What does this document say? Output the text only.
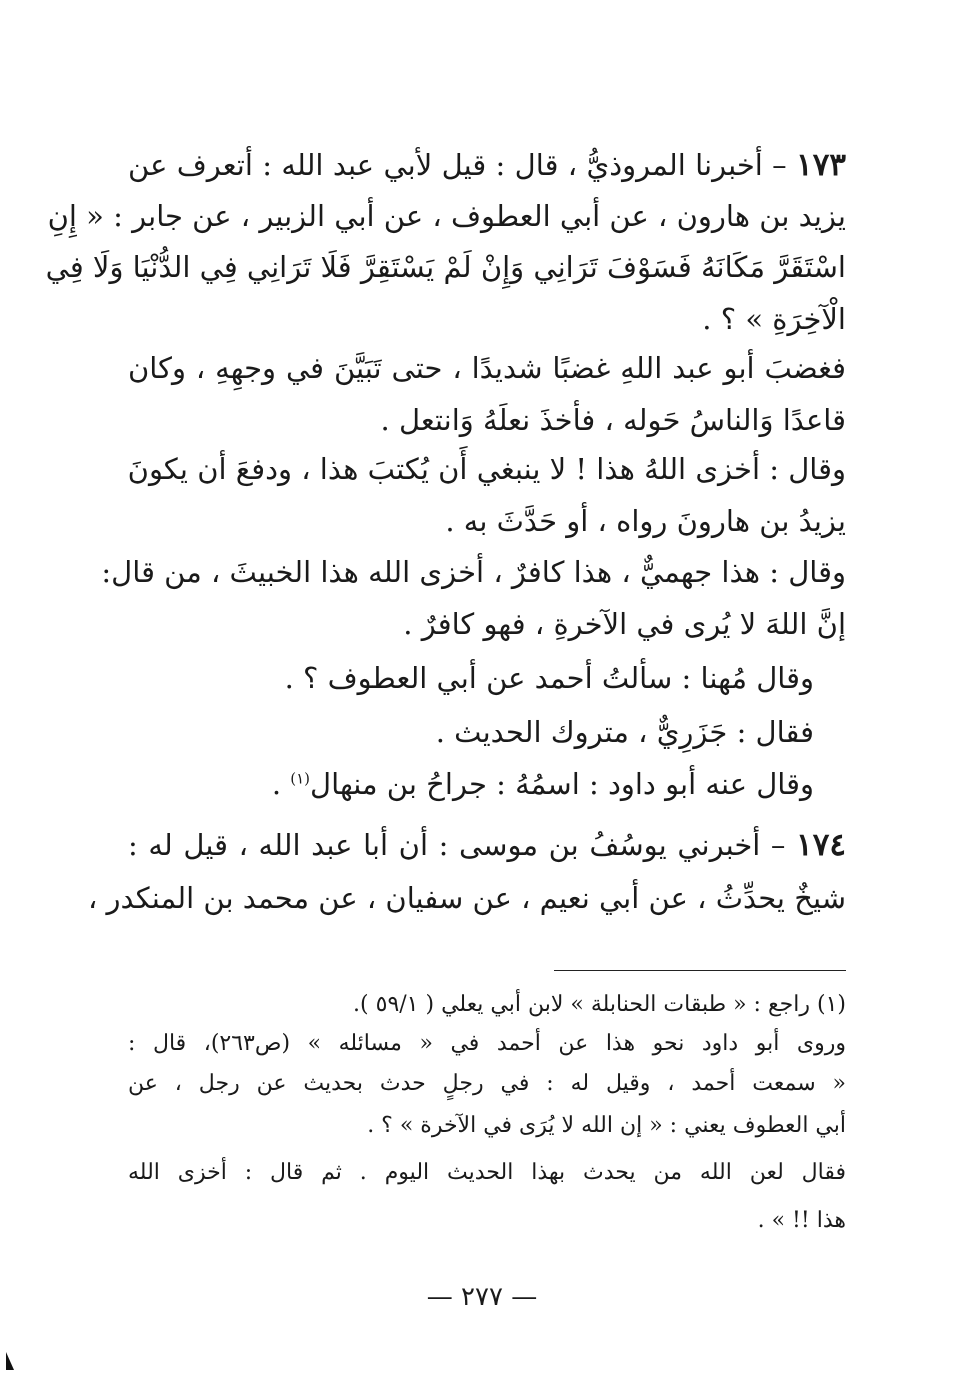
١٧٣ – أخبرنا المروذيُّ ، قال : قيل لأبي عبد الله : أتعرف عن
يزيد بن هارون ، عن أبي العطوف ، عن أبي الزبير ، عن جابر : « إِنِ
اسْتَقَرَّ مَكَانَهُ فَسَوْفَ تَرَانِي وَإِنْ لَمْ يَسْتَقِرَّ فَلَا تَرَانِي فِي الدُّنْيَا وَلَا فِي
الْآخِرَةِ » ؟ .
فغضبَ أبو عبد اللهِ غضبًا شديدًا ، حتى تَبَيَّنَ في وجهِهِ ، وكان
قاعدًا وَالناسُ حَوله ، فأخذَ نعلَهُ وَانتعل .
وقال : أخزى اللهُ هذا ! لا ينبغي أَن يُكتبَ هذا ، ودفعَ أن يكونَ
يزيدُ بن هارونَ رواه ، أو حَدَّثَ به .
وقال : هذا جهميٌّ ، هذا كافرٌ ، أخزى الله هذا الخبيثَ ، من قال:
إنَّ اللهَ لا يُرى في الآخرةِ ، فهو كافرٌ .
وقال مُهنا : سألتُ أحمد عن أبي العطوف ؟ .
فقال : جَزَرِيٌّ ، متروك الحديث .
وقال عنه أبو داود : اسمُهُ : جراحُ بن منهال$^{(١)}$ .
١٧٤ – أخبرني يوسُفُ بن موسى : أن أبا عبد الله ، قيل له :
شيخٌ يحدِّثُ ، عن أبي نعيم ، عن سفيان ، عن محمد بن المنكدر ،
(١) راجع : « طبقات الحنابلة » لابن أبي يعلي ( ٥٩/١ ).
وروى أبو داود نحو هذا عن أحمد في « مسائله » (ص٢٦٣)، قال :
« سمعت أحمد ، وقيل له : في رجلٍ حدث بحديث عن رجل ، عن
أبي العطوف يعني : « إن الله لا يُرَى في الآخرة » ؟ .
فقال لعن الله من يحدث بهذا الحديث اليوم . ثم قال : أخزى الله
هذا !! » .
— ٢٧٧ —
